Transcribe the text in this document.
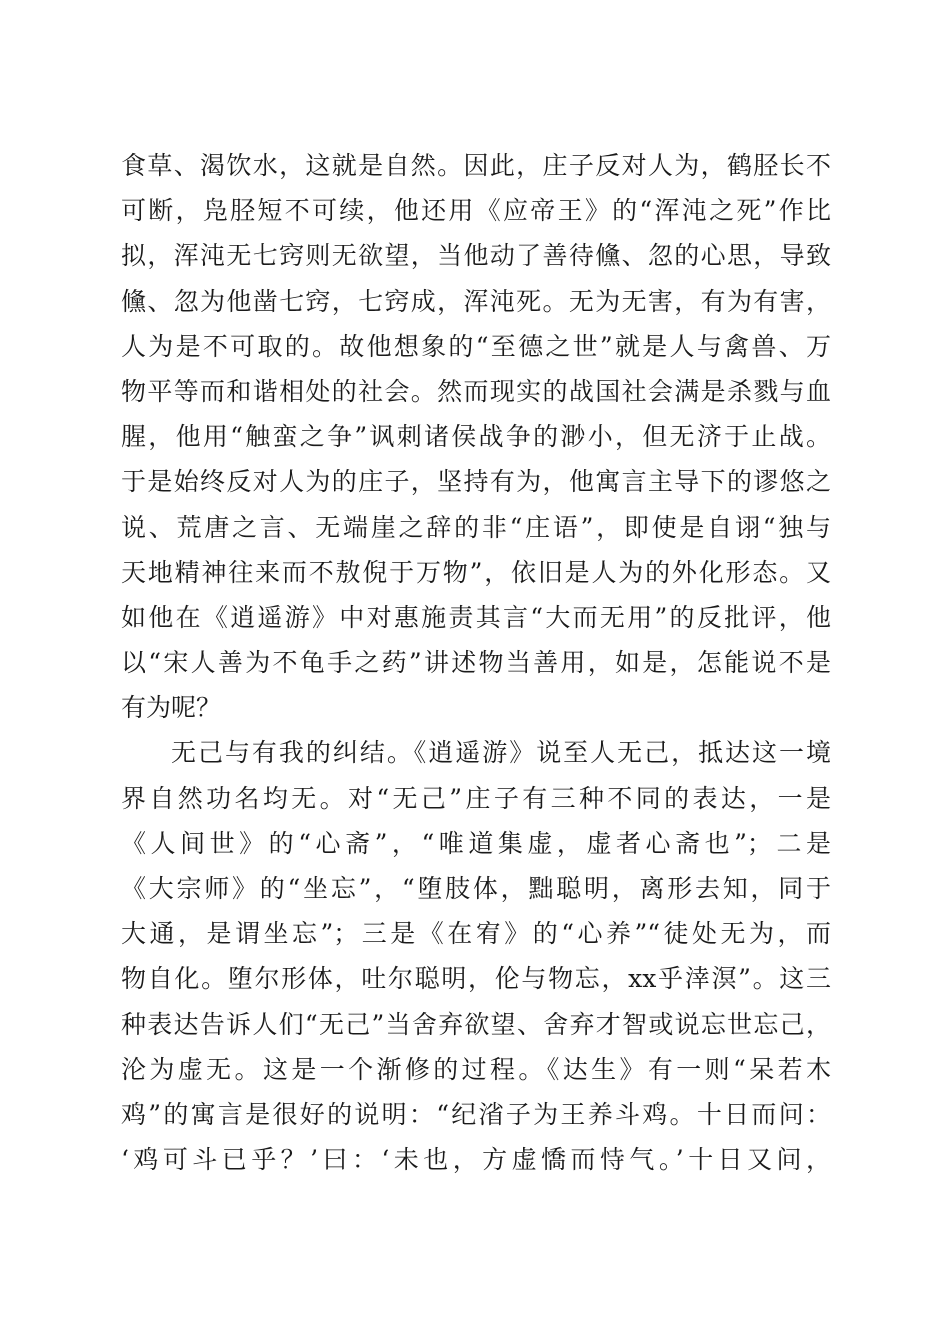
食草、渴饮水，这就是自然。因此，庄子反对人为，鹤胫长不
可断，凫胫短不可续，他还用《应帝王》的“浑沌之死”作比
拟，浑沌无七窍则无欲望，当他动了善待儵、忽的心思，导致
儵、忽为他凿七窍，七窍成，浑沌死。无为无害，有为有害，
人为是不可取的。故他想象的“至德之世”就是人与禽兽、万
物平等而和谐相处的社会。然而现实的战国社会满是杀戮与血
腥，他用“触蛮之争”讽刺诸侯战争的渺小，但无济于止战。
于是始终反对人为的庄子，坚持有为，他寓言主导下的谬悠之
说、荒唐之言、无端崖之辞的非“庄语”，即使是自诩“独与
天地精神往来而不敖倪于万物”，依旧是人为的外化形态。又
如他在《逍遥游》中对惠施责其言“大而无用”的反批评，他
以“宋人善为不龟手之药”讲述物当善用，如是，怎能说不是
有为呢？
无己与有我的纠结。《逍遥游》说至人无己，抵达这一境
界自然功名均无。对“无己”庄子有三种不同的表达，一是
《人间世》的“心斋”，“唯道集虚，虚者心斋也”；二是
《大宗师》的“坐忘”，“堕肢体，黜聪明，离形去知，同于
大通，是谓坐忘”；三是《在宥》的“心养”“徒处无为，而
物自化。堕尔形体，吐尔聪明，伦与物忘，xx乎涬溟”。这三
种表达告诉人们“无己”当舍弃欲望、舍弃才智或说忘世忘己，
沦为虚无。这是一个渐修的过程。《达生》有一则“呆若木
鸡”的寓言是很好的说明：“纪渻子为王养斗鸡。十日而问：
‘鸡可斗已乎？’曰：‘未也，方虚憍而恃气。’十日又问，
